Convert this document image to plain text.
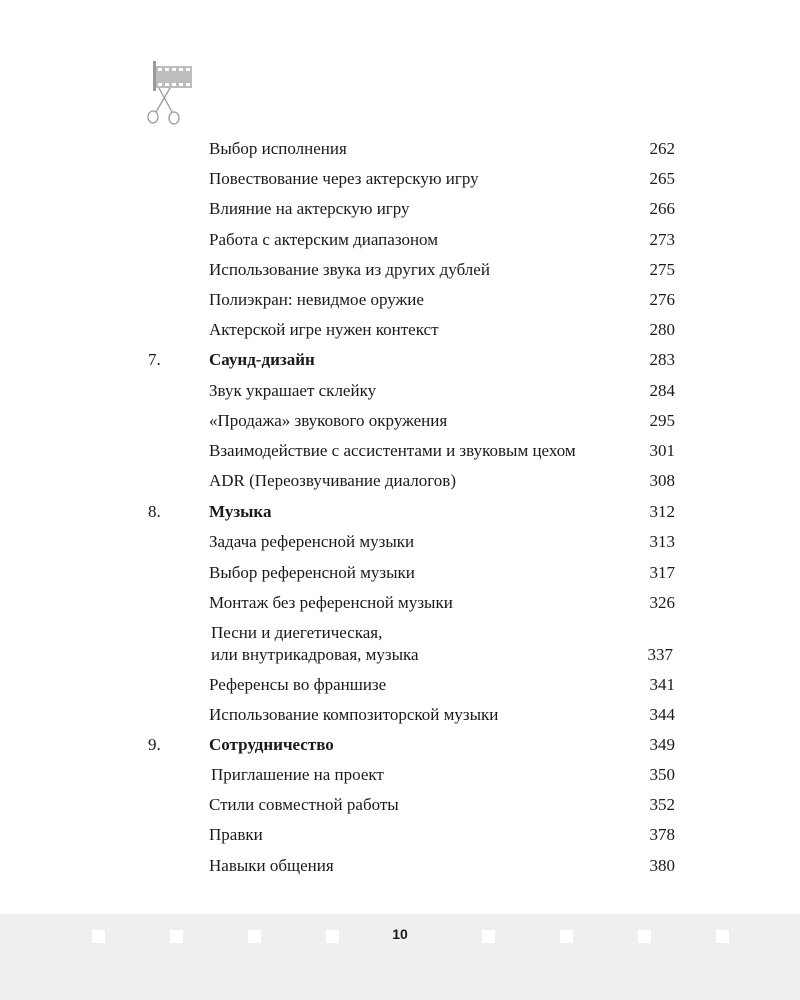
Выбор исполнения	262
Повествование через актерскую игру	265
Влияние на актерскую игру	266
Работа с актерским диапазоном	273
Использование звука из других дублей	275
Полиэкран: невидмое оружие	276
Актерской игре нужен контекст	280
7.	Саунд-дизайн	283
Звук украшает склейку	284
«Продажа» звукового окружения	295
Взаимодействие с ассистентами и звуковым цехом	301
ADR (Переозвучивание диалогов)	308
8.	Музыка	312
Задача референсной музыки	313
Выбор референсной музыки	317
Монтаж без референсной музыки	326
Песни и диегетическая,
или внутрикадровая, музыка	337
Референсы во франшизе	341
Использование композиторской музыки	344
9.	Сотрудничество	349
Приглашение на проект	350
Стили совместной работы	352
Правки	378
Навыки общения	380
10
